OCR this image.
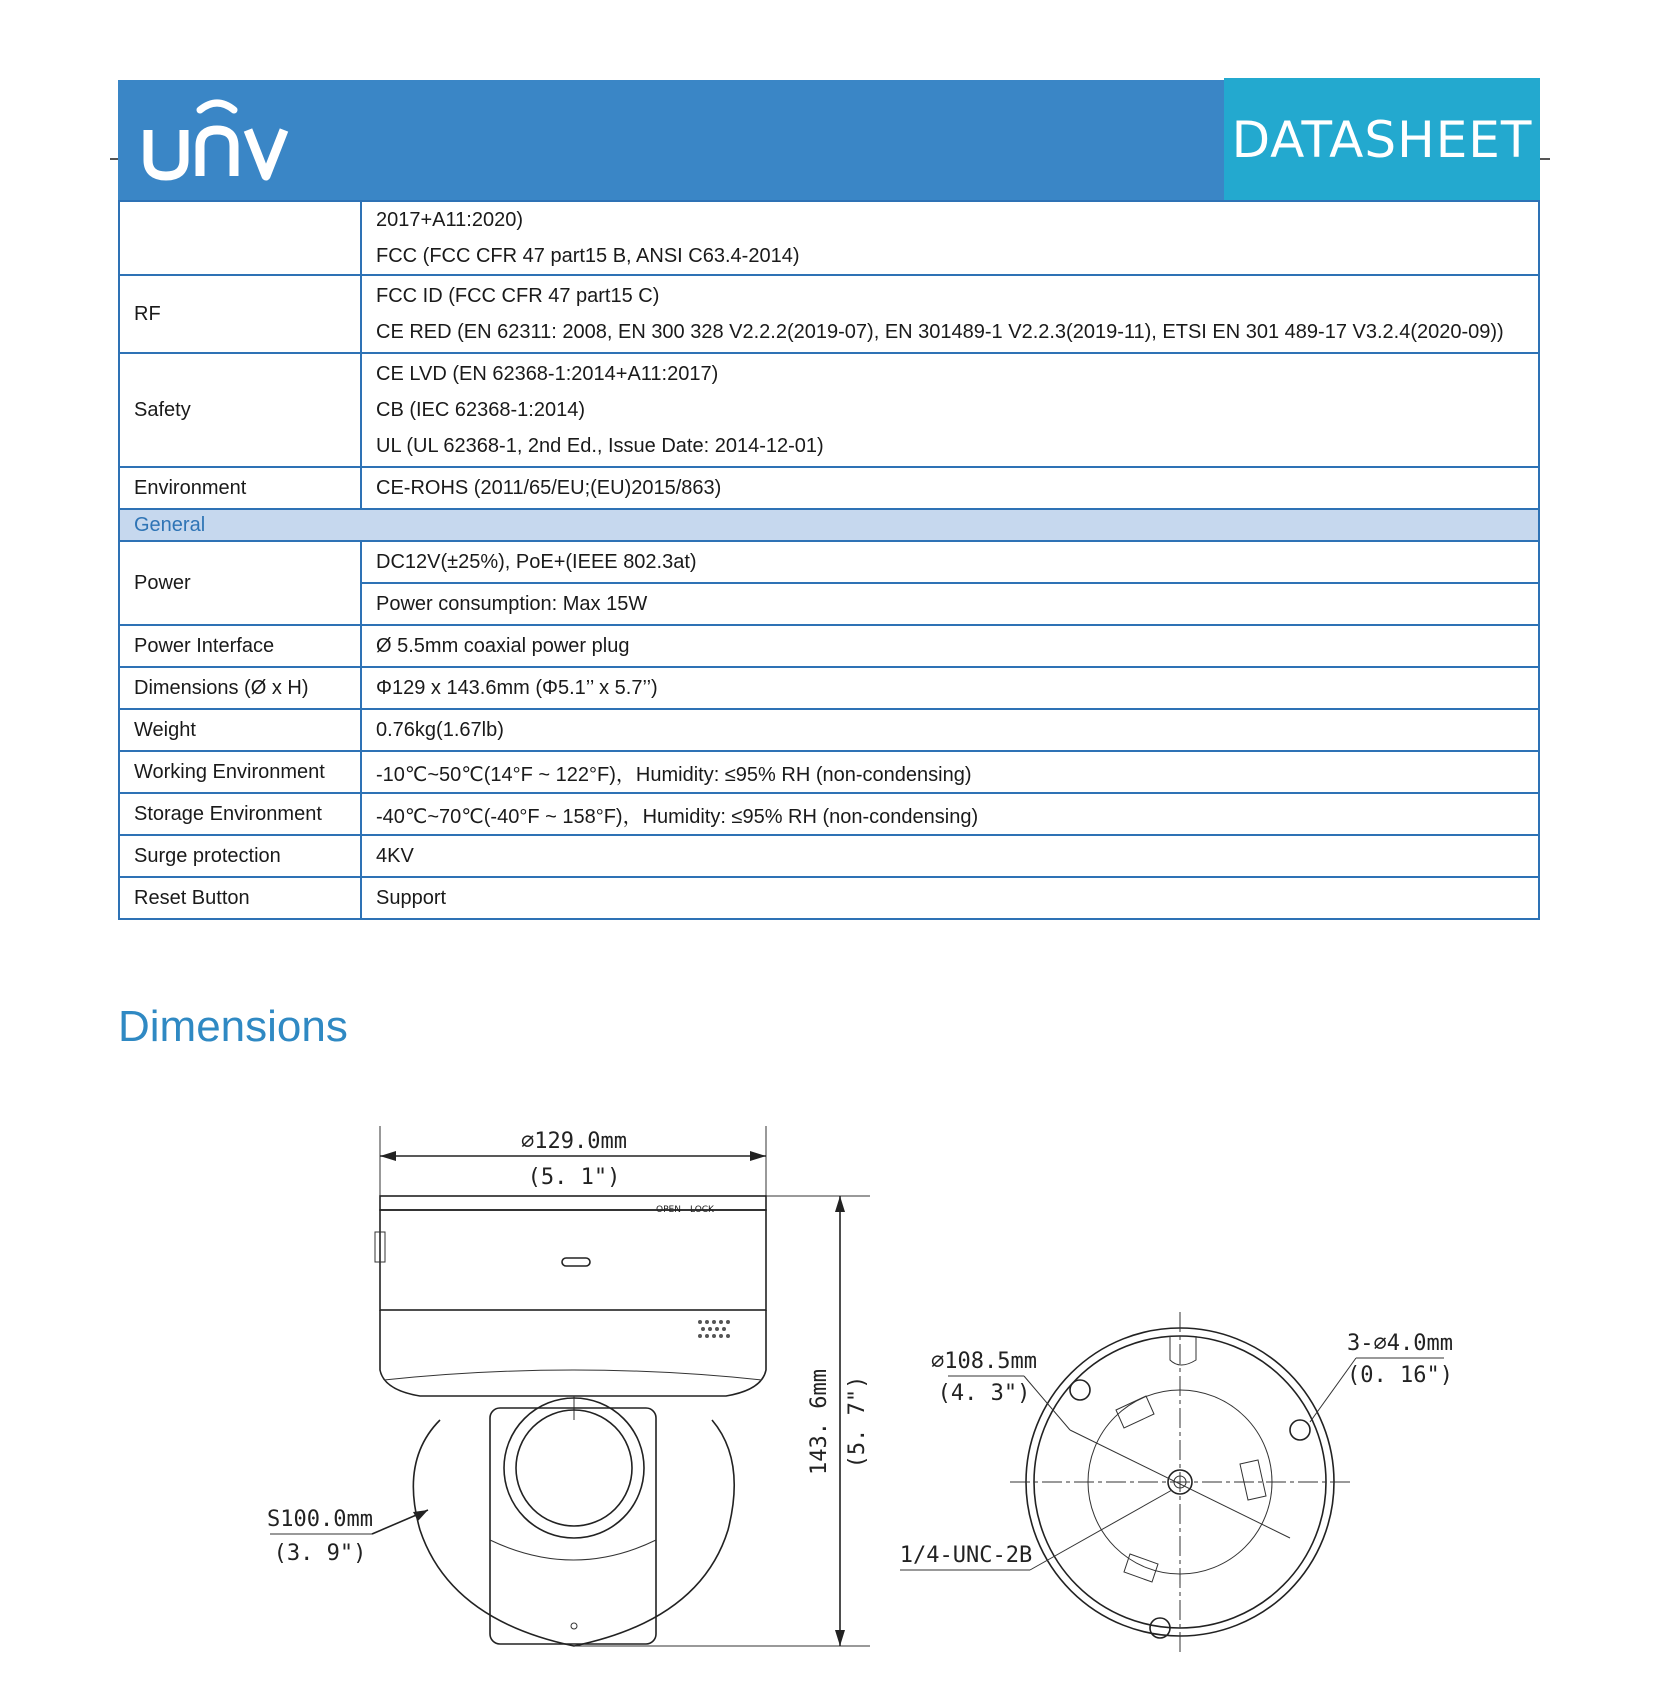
DATASHEET

	2017+A11:2020)
FCC (FCC CFR 47 part15 B, ANSI C63.4-2014)

RF	FCC ID (FCC CFR 47 part15 C)
CE RED (EN 62311: 2008, EN 300 328 V2.2.2(2019-07), EN 301489-1 V2.2.3(2019-11), ETSI EN 301 489-17 V3.2.4(2020-09))

Safety	CE LVD (EN 62368-1:2014+A11:2017)
CB (IEC 62368-1:2014)
UL (UL 62368-1, 2nd Ed., Issue Date: 2014-12-01)

Environment	CE-ROHS (2011/65/EU;(EU)2015/863)

General	
Power	DC12V(±25%), PoE+(IEEE 802.3at)
	Power consumption: Max 15W
Power Interface	Ø 5.5mm coaxial power plug
Dimensions (Ø x H)	Φ129 x 143.6mm (Φ5.1’’ x 5.7’’)
Weight	0.76kg(1.67lb)
Working Environment	-10℃~50℃(14°F ~ 122°F)，Humidity: ≤95% RH (non-condensing)
Storage Environment	-40℃~70℃(-40°F ~ 158°F)，Humidity: ≤95% RH (non-condensing)
Surge protection	4KV
Reset Button	Support
Dimensions
⌀129.0mm
(5. 1")
OPEN LOCK
S100.0mm
(3. 9")
143. 6mm (5. 7")
⌀108.5mm
(4. 3")
3-⌀4.0mm
(0. 16")
1/4-UNC-2B
